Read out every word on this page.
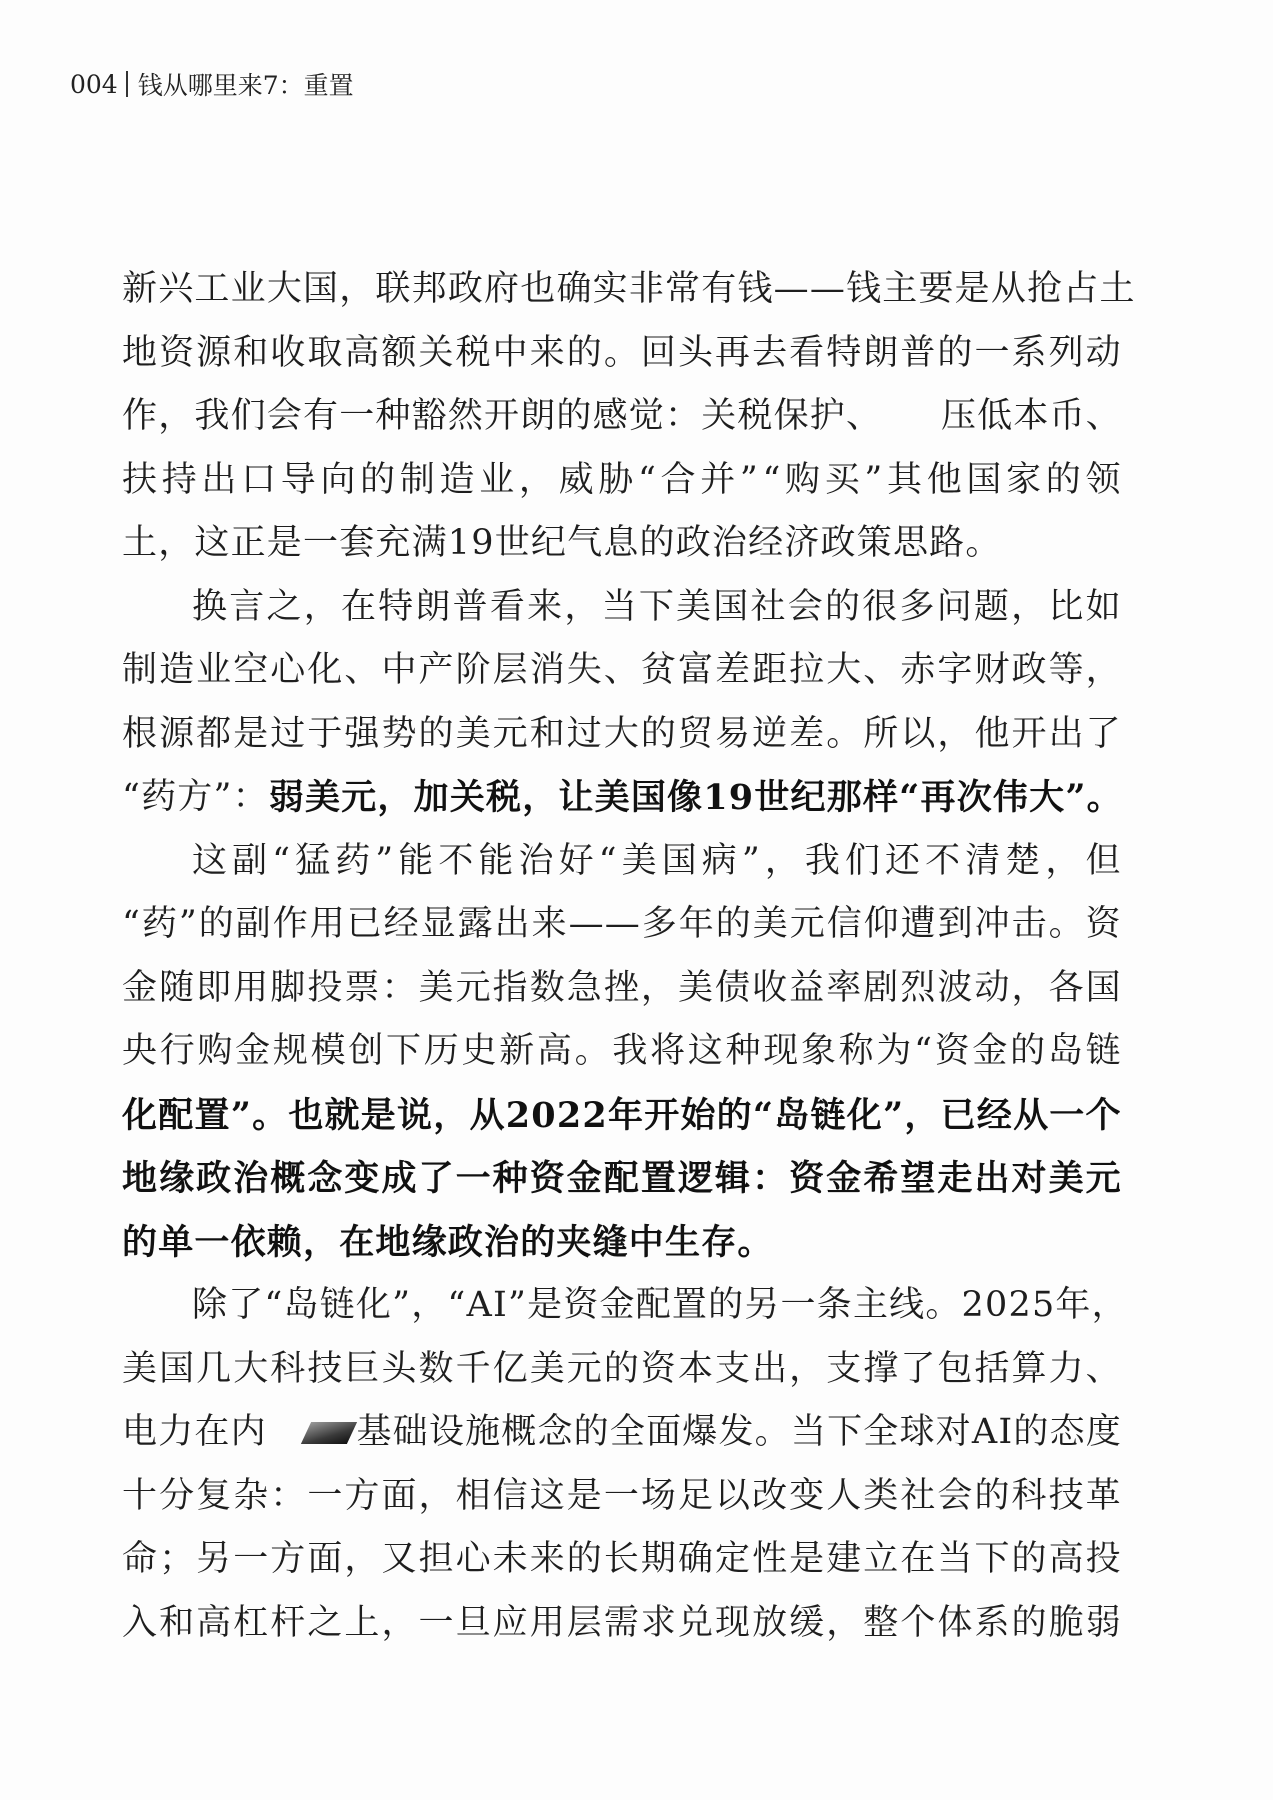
004 钱从哪里来7：重置
新 兴 工 业 大 国 ， 联 邦 政 府 也 确 实 非 常 有 钱 —— 钱 主 要 是 从 抢 占 土
地 资 源 和 收 取 高 额 关 税 中 来 的 。 回 头 再 去 看 特 朗 普 的 一 系 列 动
作，我们会有一种豁然开朗的感觉：关税保护、 压低本币、
扶 持 出 口 导 向 的 制 造 业 ， 威 胁 “ 合 并 ” “ 购 买 ” 其 他 国 家 的 领
土，这正是一套充满19世纪气息的政治经济政策思路。
换 言 之 ， 在 特 朗 普 看 来 ， 当 下 美 国 社 会 的 很 多 问 题 ， 比 如
制 造 业 空 心 化 、 中 产 阶 层 消 失 、 贫 富 差 距 拉 大 、 赤 字 财 政 等 ，
根 源 都 是 过 于 强 势 的 美 元 和 过 大 的 贸 易 逆 差 。 所 以 ， 他 开 出 了
“ 药 方 ” ： 弱 美 元 ， 加 关 税 ， 让 美 国 像 19 世 纪 那 样 “ 再 次 伟 大 ” 。
这 副 “ 猛 药 ” 能 不 能 治 好 “ 美 国 病 ” ， 我 们 还 不 清 楚 ， 但
“ 药 ” 的 副 作 用 已 经 显 露 出 来 —— 多 年 的 美 元 信 仰 遭 到 冲 击 。 资
金 随 即 用 脚 投 票 ： 美 元 指 数 急 挫 ， 美 债 收 益 率 剧 烈 波 动 ， 各 国
央 行 购 金 规 模 创 下 历 史 新 高 。 我 将 这 种 现 象 称 为 “ 资 金 的 岛 链
化 配 置 ” 。 也 就 是 说 ， 从 2022 年 开 始 的 “ 岛 链 化 ” ， 已 经 从 一 个
地 缘 政 治 概 念 变 成 了 一 种 资 金 配 置 逻 辑 ： 资 金 希 望 走 出 对 美 元
的单一依赖，在地缘政治的夹缝中生存。
除 了 “ 岛 链 化 ” ， “ AI ” 是 资 金 配 置 的 另 一 条 主 线 。 2025 年 ，
美 国 几 大 科 技 巨 头 数 千 亿 美 元 的 资 本 支 出 ， 支 撑 了 包 括 算 力 、
电力在内	基础设施概念的全面爆发。当下全球对AI的态度
十 分 复 杂 ： 一 方 面 ， 相 信 这 是 一 场 足 以 改 变 人 类 社 会 的 科 技 革
命 ； 另 一 方 面 ， 又 担 心 未 来 的 长 期 确 定 性 是 建 立 在 当 下 的 高 投
入 和 高 杠 杆 之 上 ， 一 旦 应 用 层 需 求 兑 现 放 缓 ， 整 个 体 系 的 脆 弱
